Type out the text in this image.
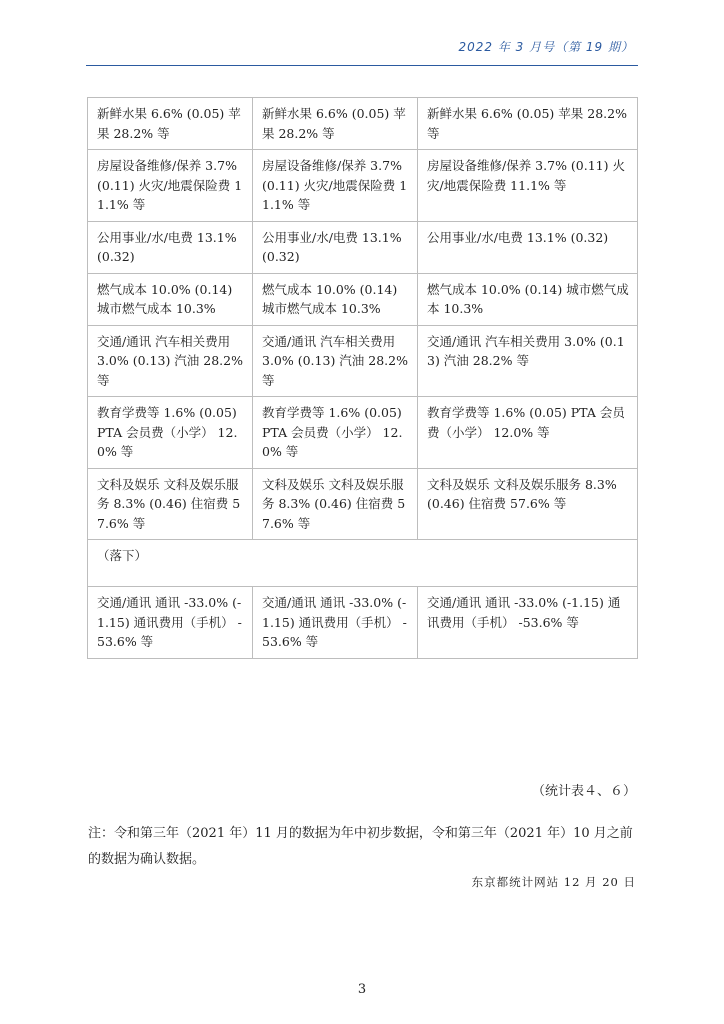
2022 年 3 月号（第 19 期）
新鲜水果 6.6% (0.05) 苹果 28.2% 等	新鲜水果 6.6% (0.05) 苹果 28.2% 等	新鲜水果 6.6% (0.05) 苹果 28.2% 等
房屋设备维修/保养 3.7% (0.11) 火灾/地震保险费 11.1% 等	房屋设备维修/保养 3.7% (0.11) 火灾/地震保险费 11.1% 等	房屋设备维修/保养 3.7% (0.11) 火灾/地震保险费 11.1% 等
公用事业/水/电费 13.1% (0.32)	公用事业/水/电费 13.1% (0.32)	公用事业/水/电费 13.1% (0.32)
燃气成本 10.0% (0.14) 城市燃气成本 10.3%	燃气成本 10.0% (0.14) 城市燃气成本 10.3%	燃气成本 10.0% (0.14) 城市燃气成本 10.3%
交通/通讯 汽车相关费用 3.0% (0.13) 汽油 28.2% 等	交通/通讯 汽车相关费用 3.0% (0.13) 汽油 28.2% 等	交通/通讯 汽车相关费用 3.0% (0.13) 汽油 28.2% 等
教育学费等 1.6% (0.05) PTA 会员费（小学） 12.0% 等	教育学费等 1.6% (0.05) PTA 会员费（小学） 12.0% 等	教育学费等 1.6% (0.05) PTA 会员费（小学） 12.0% 等
文科及娱乐 文科及娱乐服务 8.3% (0.46) 住宿费 57.6% 等	文科及娱乐 文科及娱乐服务 8.3% (0.46) 住宿费 57.6% 等	文科及娱乐 文科及娱乐服务 8.3% (0.46) 住宿费 57.6% 等
（落下）		
交通/通讯 通讯 -33.0% (-1.15) 通讯费用（手机） -53.6% 等	交通/通讯 通讯 -33.0% (-1.15) 通讯费用（手机） -53.6% 等	交通/通讯 通讯 -33.0% (-1.15) 通讯费用（手机） -53.6% 等
（统计表４、６）
注：令和第三年（2021 年）11 月的数据为年中初步数据，令和第三年（2021 年）10 月之前的数据为确认数据。
东京都统计网站 12 月 20 日
3
